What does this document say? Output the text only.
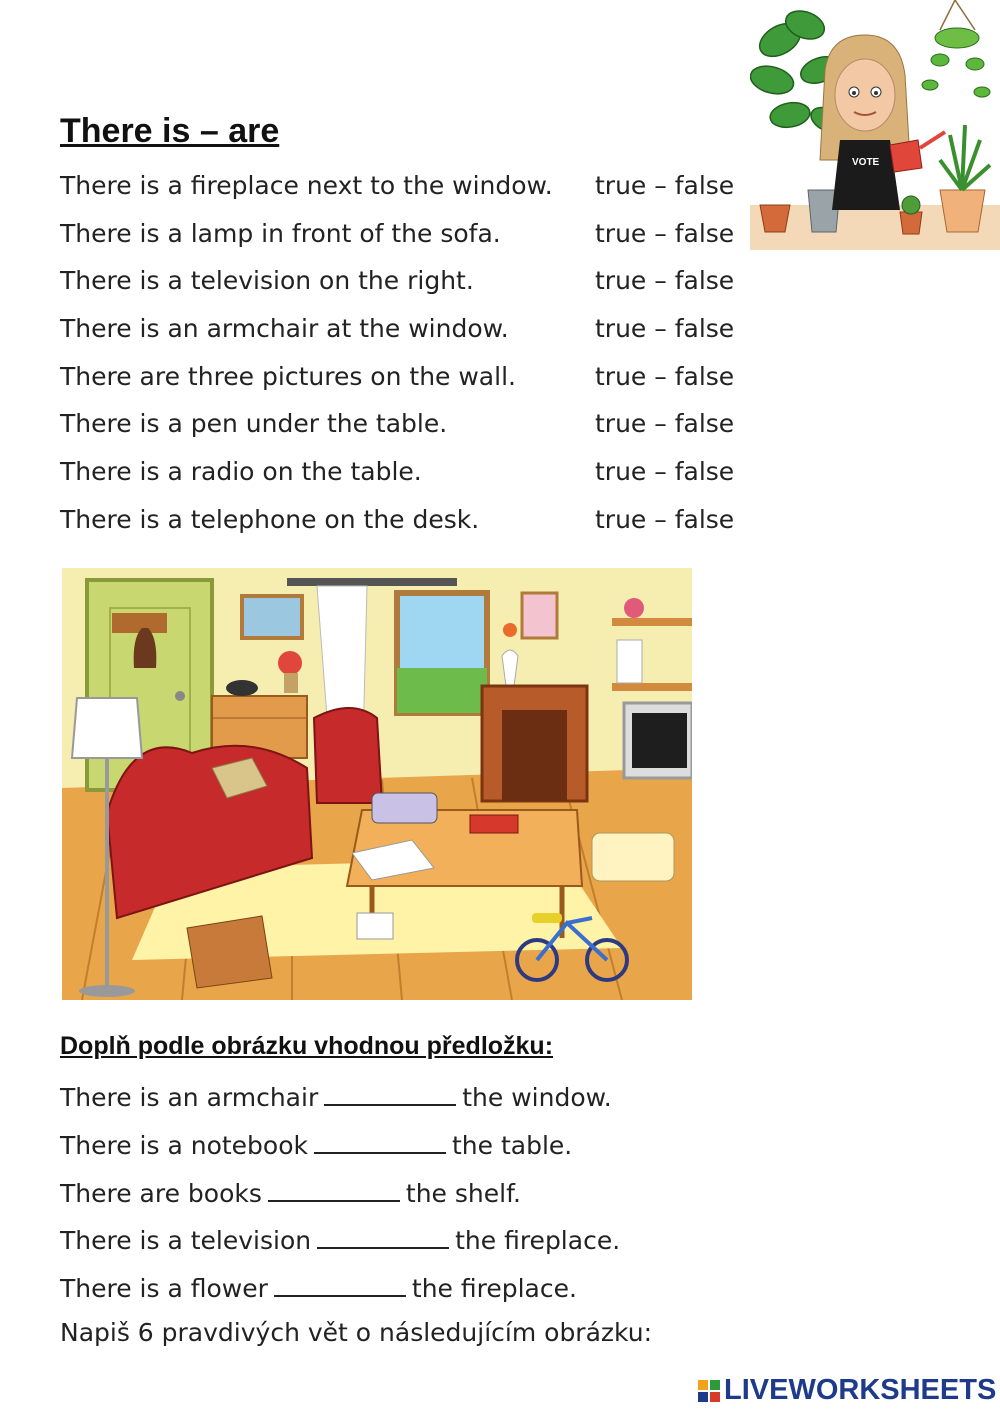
There is – are
There is a fireplace next to the window. true – false
There is a lamp in front of the sofa.	true – false
There is a television on the right.	true – false
There is an armchair at the window.	true – false
There are three pictures on the wall.	true – false
There is a pen under the table.	true – false
There is a radio on the table.	true – false
There is a telephone on the desk.	true – false
VOTE
Doplň podle obrázku vhodnou předložku:
There is an armchair	the window.
There is a notebook	the table.
There are books	the shelf.
There is a television	the fireplace.
There is a flower	the fireplace.
Napiš 6 pravdivých vět o následujícím obrázku:
LIVEWORKSHEETS
